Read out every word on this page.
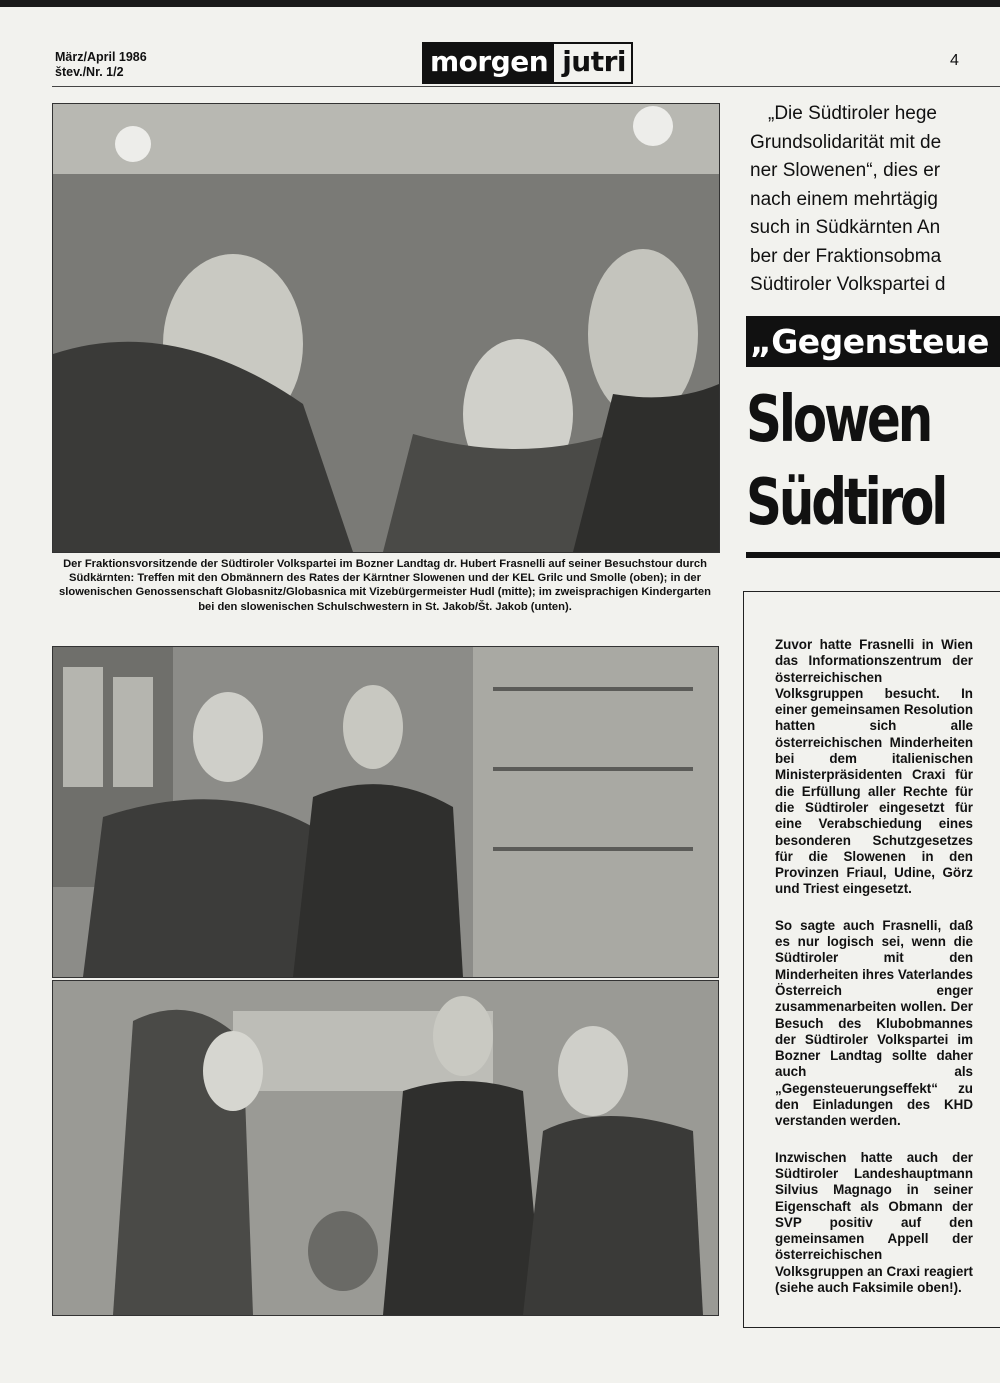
März/April 1986
štev./Nr. 1/2	morgen jutri	4
Der Fraktionsvorsitzende der Südtiroler Volkspartei im Bozner Landtag dr. Hubert Frasnelli auf seiner Besuchstour durch Südkärnten: Treffen mit den Obmännern des Rates der Kärntner Slowenen und der KEL Grilc und Smolle (oben); in der slowenischen Genossenschaft Globasnitz/Globasnica mit Vizebürgermeister Hudl (mitte); im zweisprachigen Kindergarten bei den slowenischen Schulschwestern in St. Jakob/Št. Jakob (unten).
„Die Südtiroler hege
Grundsolidarität mit de
ner Slowenen“, dies er
nach einem mehrtägig
such in Südkärnten An
ber der Fraktionsobma
Südtiroler Volkspartei d
„Gegensteue
Slowen
Südtirol

Zuvor hatte Frasnelli in Wien das Informationszentrum der österreichischen Volksgruppen besucht. In einer gemeinsamen Resolution hatten sich alle österreichischen Minderheiten bei dem italienischen Ministerpräsidenten Craxi für die Erfüllung aller Rechte für die Südtiroler eingesetzt für eine Verabschiedung eines besonderen Schutzgesetzes für die Slowenen in den Provinzen Friaul, Udine, Görz und Triest eingesetzt.

So sagte auch Frasnelli, daß es nur logisch sei, wenn die Südtiroler mit den Minderheiten ihres Vaterlandes Österreich enger zusammenarbeiten wollen. Der Besuch des Klubobmannes der Südtiroler Volkspartei im Bozner Landtag sollte daher auch als „Gegensteuerungseffekt“ zu den Einladungen des KHD verstanden werden.

Inzwischen hatte auch der Südtiroler Landeshauptmann Silvius Magnago in seiner Eigenschaft als Obmann der SVP positiv auf den gemeinsamen Appell der österreichischen Volksgruppen an Craxi reagiert (siehe auch Faksimile oben!).
